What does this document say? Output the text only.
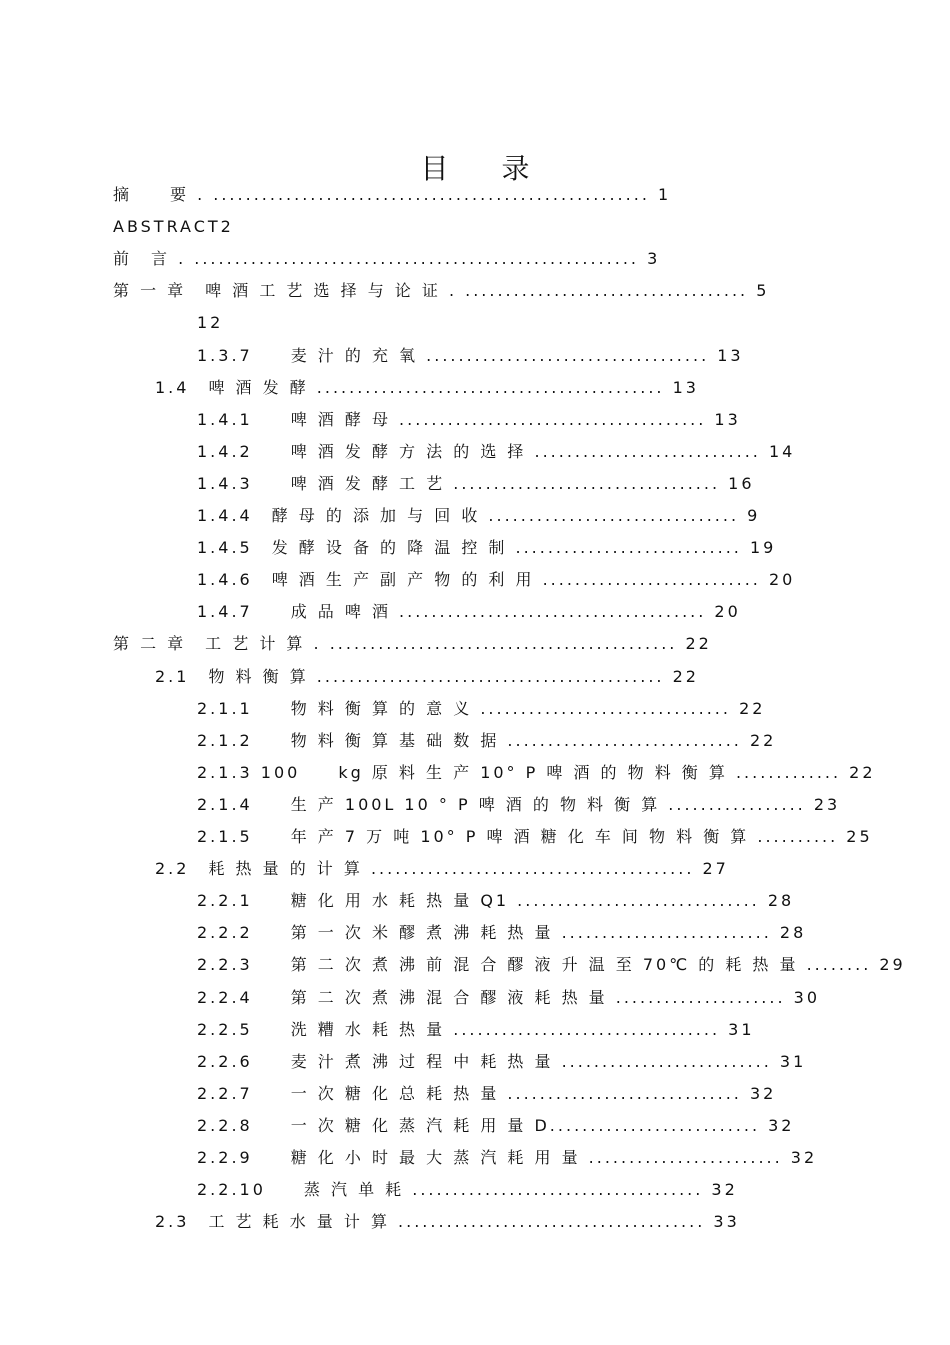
目 录
摘　　要 . ...................................................... 1
ABSTRACT2
前　言 . ....................................................... 3
第 一 章　啤 酒 工 艺 选 择 与 论 证 . ................................... 5
12
1.3.7　　麦 汁 的 充 氧 ................................... 13
1.4　啤 酒 发 酵 ........................................... 13
1.4.1　　啤 酒 酵 母 ...................................... 13
1.4.2　　啤 酒 发 酵 方 法 的 选 择 ............................ 14
1.4.3　　啤 酒 发 酵 工 艺 ................................. 16
1.4.4　酵 母 的 添 加 与 回 收 ............................... 9
1.4.5　发 酵 设 备 的 降 温 控 制 ............................ 19
1.4.6　啤 酒 生 产 副 产 物 的 利 用 ........................... 20
1.4.7　　成 品 啤 酒 ...................................... 20
第 二 章　工 艺 计 算 . ........................................... 22
2.1　物 料 衡 算 ........................................... 22
2.1.1　　物 料 衡 算 的 意 义 ............................... 22
2.1.2　　物 料 衡 算 基 础 数 据 ............................. 22
2.1.3 100　　kg 原 料 生 产 10° P 啤 酒 的 物 料 衡 算 ............. 22
2.1.4　　生 产 100L 10 ° P 啤 酒 的 物 料 衡 算 ................. 23
2.1.5　　年 产 7 万 吨 10° P 啤 酒 糖 化 车 间 物 料 衡 算 .......... 25
2.2　耗 热 量 的 计 算 ........................................ 27
2.2.1　　糖 化 用 水 耗 热 量 Q1 .............................. 28
2.2.2　　第 一 次 米 醪 煮 沸 耗 热 量 .......................... 28
2.2.3　　第 二 次 煮 沸 前 混 合 醪 液 升 温 至 70℃ 的 耗 热 量 ........ 29
2.2.4　　第 二 次 煮 沸 混 合 醪 液 耗 热 量 ..................... 30
2.2.5　　洗 糟 水 耗 热 量 ................................. 31
2.2.6　　麦 汁 煮 沸 过 程 中 耗 热 量 .......................... 31
2.2.7　　一 次 糖 化 总 耗 热 量 ............................. 32
2.2.8　　一 次 糖 化 蒸 汽 耗 用 量 D.......................... 32
2.2.9　　糖 化 小 时 最 大 蒸 汽 耗 用 量 ........................ 32
2.2.10　　蒸 汽 单 耗 .................................... 32
2.3　工 艺 耗 水 量 计 算 ...................................... 33
